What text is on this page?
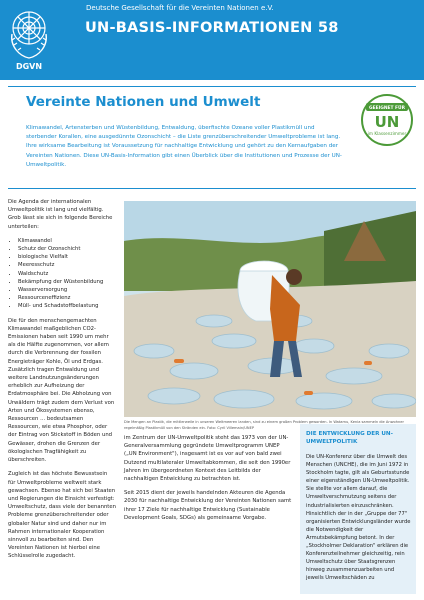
DGVN
Deutsche Gesellschaft für die Vereinten Nationen e.V.
UN-BASIS-INFORMATIONEN 58
Vereinte Nationen und Umwelt	GEEIGNET FÜR
UN
im Klassenzimmer

Klimawandel, Artensterben und Wüstenbildung, Entwaldung, überfischte Ozeane voller Plastikmüll und sterbender Korallen, eine ausgedünnte Ozonschicht – die Liste grenzüberschreitender Umweltprobleme ist lang. Ihre wirksame Bearbeitung ist Voraussetzung für nachhaltige Entwicklung und gehört zu den Kernaufgaben der Vereinten Nationen. Diese UN-Basis-Information gibt einen Überblick über die Institutionen und Prozesse der UN-Umweltpolitik.

Die Agenda der internationalen Umweltpolitik ist lang und vielfältig. Grob lässt sie sich in folgende Bereiche unterteilen:

• Klimawandel
• Schutz der Ozonschicht
• biologische Vielfalt
• Meeresschutz
• Waldschutz
• Bekämpfung der Wüstenbildung
• Wasserversorgung
• Ressourceneffizienz
• Müll- und Schadstoffbelastung

Die für den menschengemachten Klimawandel maßgeblichen CO2-Emissionen haben seit 1990 um mehr als die Hälfte zugenommen, vor allem durch die Verbrennung der fossilen Energieträger Kohle, Öl und Erdgas. Zusätzlich tragen Entwaldung und weitere Landnutzungsänderungen erheblich zur Aufheizung der Erdatmosphäre bei. Die Abholzung von Urwäldern trägt zudem dem Verlust von Arten und Ökosystemen ebenso, Ressourcen ... bedeutsamen Ressourcen, wie etwa Phosphor, oder der Eintrag von Stickstoff in Böden und Gewässer, drohen die Grenzen der ökologischen Tragfähigkeit zu überschreiten.

Zugleich ist das höchste Bewusstsein für Umweltprobleme weltweit stark gewachsen. Ebenso hat sich bei Staaten und Regierungen die Einsicht verfestigt: Umweltschutz, dass viele der benannten Probleme grenzüberschreitender oder globaler Natur sind und daher nur im Rahmen internationaler Kooperation sinnvoll zu bearbeiten sind. Den Vereinten Nationen ist hierbei eine Schlüsselrolle zugedacht.

Die Mengen an Plastik, die mittlerweile in unseren Weltmeeren landen, sind zu einem großen Problem geworden. In Watamu, Kenia sammeln die Anwohner regelmäßig Plastikmüll von den Stränden ein. Foto: Cyril Villemain/UNEP

im Zentrum der UN-Umweltpolitik steht das 1973 von der UN-Generalversammlung gegründete Umweltprogramm UNEP („UN Environment"), insgesamt ist es vor auf von bald zwei Dutzend multilateraler Umweltabkommen, die seit den 1990er Jahren im übergeordneten Kontext des Leitbilds der nachhaltigen Entwicklung zu betrachten ist.

Seit 2015 dient der jeweils handelnden Akteuren die Agenda 2030 für nachhaltige Entwicklung der Vereinten Nationen samt ihrer 17 Ziele für nachhaltige Entwicklung (Sustainable Development Goals, SDGs) als gemeinsame Vorgabe.

DIE ENTWICKLUNG DER UN-UMWELTPOLITIK
Die UN-Konferenz über die Umwelt des Menschen (UNCHE), die im Juni 1972 in Stockholm tagte, gilt als Geburtsstunde einer eigenständigen UN-Umweltpolitik. Sie stellte vor allem darauf, die Umweltverschmutzung seitens der industrialisierten einzuschränken. Hinsichtlich der in der „Gruppe der 77" organisierten Entwicklungsländer wurde die Notwendigkeit der Armutsbekämpfung betont. In der „Stockholmer Deklaration" erklären die Konferenzteilnehmer gleichzeitig, rein Umweltschutz über Staatsgrenzen hinweg zusammenzuarbeiten und jeweils Umweltschäden zu
